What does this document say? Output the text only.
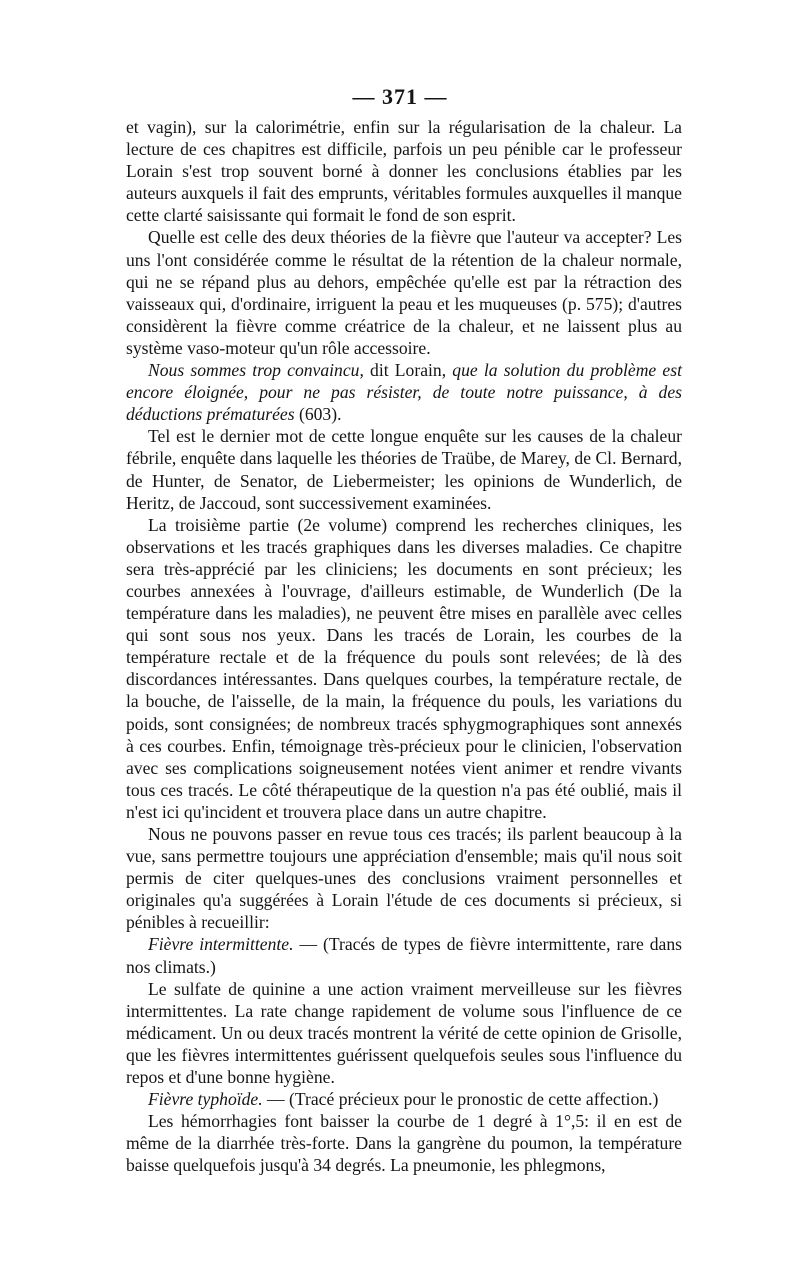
— 371 —

et vagin), sur la calorimétrie, enfin sur la régularisation de la chaleur. La lecture de ces chapitres est difficile, parfois un peu pénible car le professeur Lorain s'est trop souvent borné à donner les conclusions établies par les auteurs auxquels il fait des emprunts, véritables formules auxquelles il manque cette clarté saisissante qui formait le fond de son esprit.

Quelle est celle des deux théories de la fièvre que l'auteur va accepter? Les uns l'ont considérée comme le résultat de la rétention de la chaleur normale, qui ne se répand plus au dehors, empêchée qu'elle est par la rétraction des vaisseaux qui, d'ordinaire, irriguent la peau et les muqueuses (p. 575); d'autres considèrent la fièvre comme créatrice de la chaleur, et ne laissent plus au système vaso-moteur qu'un rôle accessoire.

Nous sommes trop convaincu, dit Lorain, que la solution du problème est encore éloignée, pour ne pas résister, de toute notre puissance, à des déductions prématurées (603).

Tel est le dernier mot de cette longue enquête sur les causes de la chaleur fébrile, enquête dans laquelle les théories de Traübe, de Marey, de Cl. Bernard, de Hunter, de Senator, de Liebermeister; les opinions de Wunderlich, de Heritz, de Jaccoud, sont successivement examinées.

La troisième partie (2e volume) comprend les recherches cliniques, les observations et les tracés graphiques dans les diverses maladies. Ce chapitre sera très-apprécié par les cliniciens; les documents en sont précieux; les courbes annexées à l'ouvrage, d'ailleurs estimable, de Wunderlich (De la température dans les maladies), ne peuvent être mises en parallèle avec celles qui sont sous nos yeux. Dans les tracés de Lorain, les courbes de la température rectale et de la fréquence du pouls sont relevées; de là des discordances intéressantes. Dans quelques courbes, la température rectale, de la bouche, de l'aisselle, de la main, la fréquence du pouls, les variations du poids, sont consignées; de nombreux tracés sphygmographiques sont annexés à ces courbes. Enfin, témoignage très-précieux pour le clinicien, l'observation avec ses complications soigneusement notées vient animer et rendre vivants tous ces tracés. Le côté thérapeutique de la question n'a pas été oublié, mais il n'est ici qu'incident et trouvera place dans un autre chapitre.

Nous ne pouvons passer en revue tous ces tracés; ils parlent beaucoup à la vue, sans permettre toujours une appréciation d'ensemble; mais qu'il nous soit permis de citer quelques-unes des conclusions vraiment personnelles et originales qu'a suggérées à Lorain l'étude de ces documents si précieux, si pénibles à recueillir:

Fièvre intermittente. — (Tracés de types de fièvre intermittente, rare dans nos climats.)

Le sulfate de quinine a une action vraiment merveilleuse sur les fièvres intermittentes. La rate change rapidement de volume sous l'influence de ce médicament. Un ou deux tracés montrent la vérité de cette opinion de Grisolle, que les fièvres intermittentes guérissent quelquefois seules sous l'influence du repos et d'une bonne hygiène.

Fièvre typhoïde. — (Tracé précieux pour le pronostic de cette affection.)

Les hémorrhagies font baisser la courbe de 1 degré à 1°,5: il en est de même de la diarrhée très-forte. Dans la gangrène du poumon, la température baisse quelquefois jusqu'à 34 degrés. La pneumonie, les phlegmons,
